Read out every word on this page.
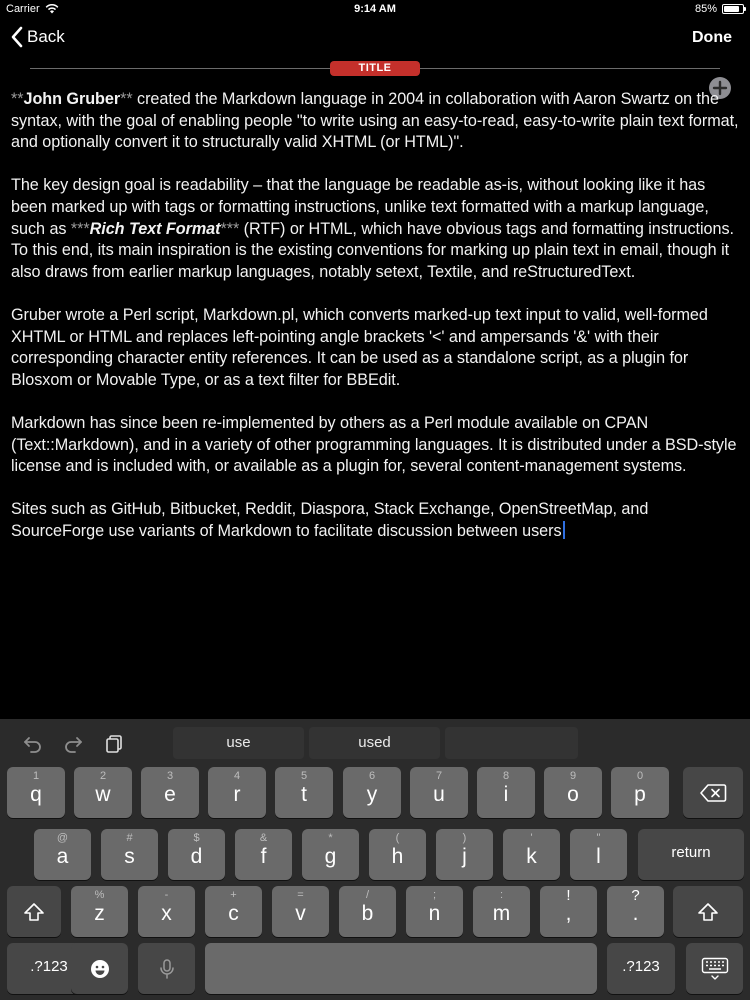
Carrier	9:14 AM	85%
Back	Done
TITLE

**John Gruber** created the Markdown language in 2004 in collaboration with Aaron Swartz on the syntax, with the goal of enabling people "to write using an easy-to-read, easy-to-write plain text format, and optionally convert it to structurally valid XHTML (or HTML)".

The key design goal is readability – that the language be readable as-is, without looking like it has been marked up with tags or formatting instructions, unlike text formatted with a markup language, such as ***Rich Text Format*** (RTF) or HTML, which have obvious tags and formatting instructions. To this end, its main inspiration is the existing conventions for marking up plain text in email, though it also draws from earlier markup languages, notably setext, Textile, and reStructuredText.

Gruber wrote a Perl script, Markdown.pl, which converts marked-up text input to valid, well-formed XHTML or HTML and replaces left-pointing angle brackets '<' and ampersands '&' with their corresponding character entity references. It can be used as a standalone script, as a plugin for Blosxom or Movable Type, or as a text filter for BBEdit.

Markdown has since been re-implemented by others as a Perl module available on CPAN (Text::Markdown), and in a variety of other programming languages. It is distributed under a BSD-style license and is included with, or available as a plugin for, several content-management systems.

Sites such as GitHub, Bitbucket, Reddit, Diaspora, Stack Exchange, OpenStreetMap, and SourceForge use variants of Markdown to facilitate discussion between users

use	used
1
q
2
w
3
e
4
r
5
t
6
y
7
u
8
i
9
o
0
p
@
a
#
s
$
d
&
f
*
g
(
h
)
j
'
k
"
l	return
%
z
-
x
+
c
=
v
/
b
;
n
:
m
!
,
?
.
.?123	.?123
